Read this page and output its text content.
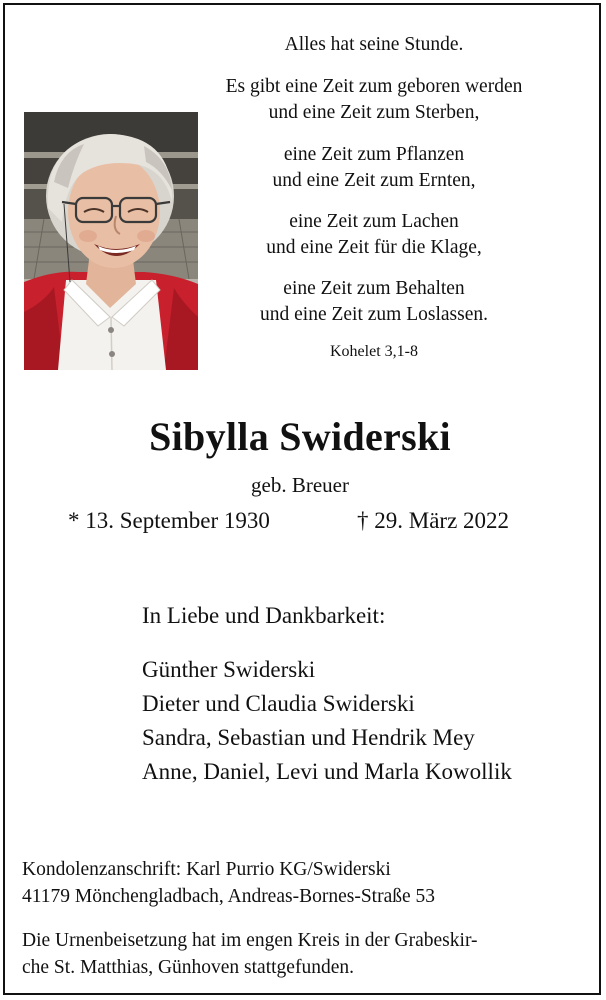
Alles hat seine Stunde.

Es gibt eine Zeit zum geboren werden

und eine Zeit zum Sterben,

eine Zeit zum Pflanzen

und eine Zeit zum Ernten,

eine Zeit zum Lachen

und eine Zeit für die Klage,

eine Zeit zum Behalten

und eine Zeit zum Loslassen.

Kohelet 3,1-8
Sibylla Swiderski
geb. Breuer
* 13. September 1930	† 29. März 2022
In Liebe und Dankbarkeit:
Günther Swiderski
Dieter und Claudia Swiderski
Sandra, Sebastian und Hendrik Mey
Anne, Daniel, Levi und Marla Kowollik
Kondolenzanschrift: Karl Purrio KG/Swiderski
41179 Mönchengladbach, Andreas-Bornes-Straße 53
Die Urnenbeisetzung hat im engen Kreis in der Grabeskir-
che St. Matthias, Günhoven stattgefunden.
